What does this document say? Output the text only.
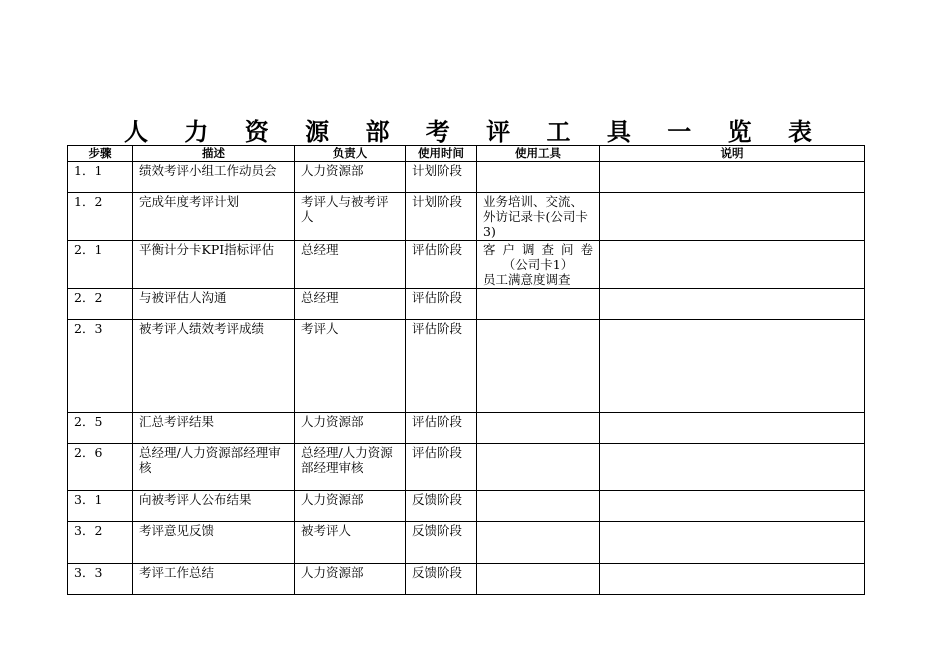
人 力 资 源 部 考 评 工 具 一 览 表
步骤	描述	负责人	使用时间	使用工具	说明
1．1	绩效考评小组工作动员会	人力资源部	计划阶段		
1．2	完成年度考评计划	考评人与被考评人	计划阶段	业务培训、交流、外访记录卡(公司卡3)	

2．1	平衡计分卡KPI指标评估	总经理	评估阶段	客户调查问卷
（公司卡1）
员工满意度调查	

2．2	与被评估人沟通	总经理	评估阶段		
2．3	被考评人绩效考评成绩	考评人	评估阶段		
2．5	汇总考评结果	人力资源部	评估阶段		
2．6	总经理/人力资源部经理审核	总经理/人力资源部经理审核	评估阶段		
3．1	向被考评人公布结果	人力资源部	反馈阶段		
3．2	考评意见反馈	被考评人	反馈阶段		
3．3	考评工作总结	人力资源部	反馈阶段		
